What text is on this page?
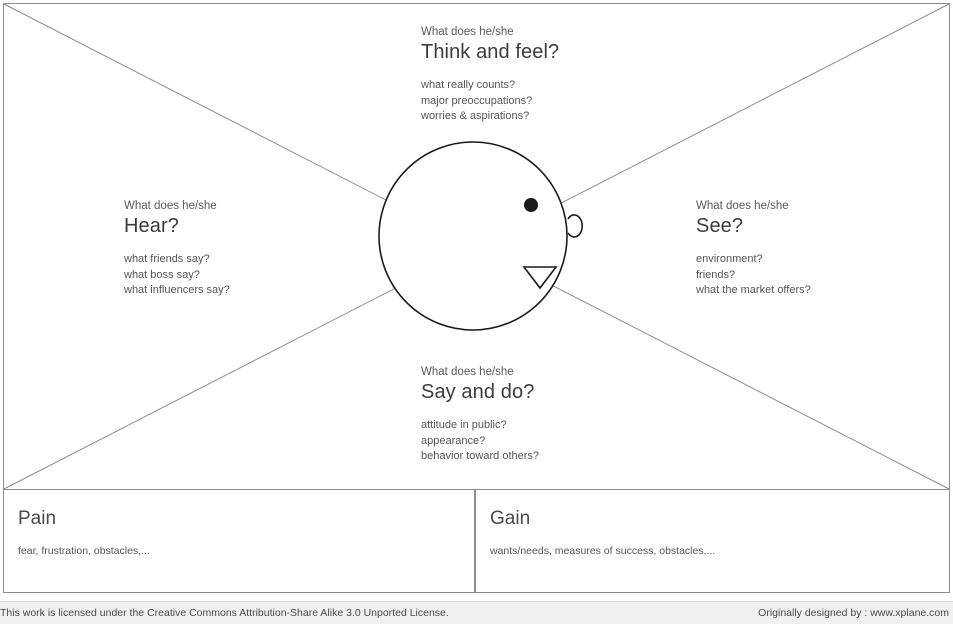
What does he/she

Think and feel?

what really counts?
major preoccupations?
worries & aspirations?

What does he/she

Hear?

what friends say?
what boss say?
what influencers say?

What does he/she

See?

environment?
friends?
what the market offers?

What does he/she

Say and do?

attitude in public?
appearance?
behavior toward others?
Pain
fear, frustration, obstacles,...
Gain
wants/needs, measures of success, obstacles,...
This work is licensed under the Creative Commons Attribution-Share Alike 3.0 Unported License.	Originally designed by : www.xplane.com
